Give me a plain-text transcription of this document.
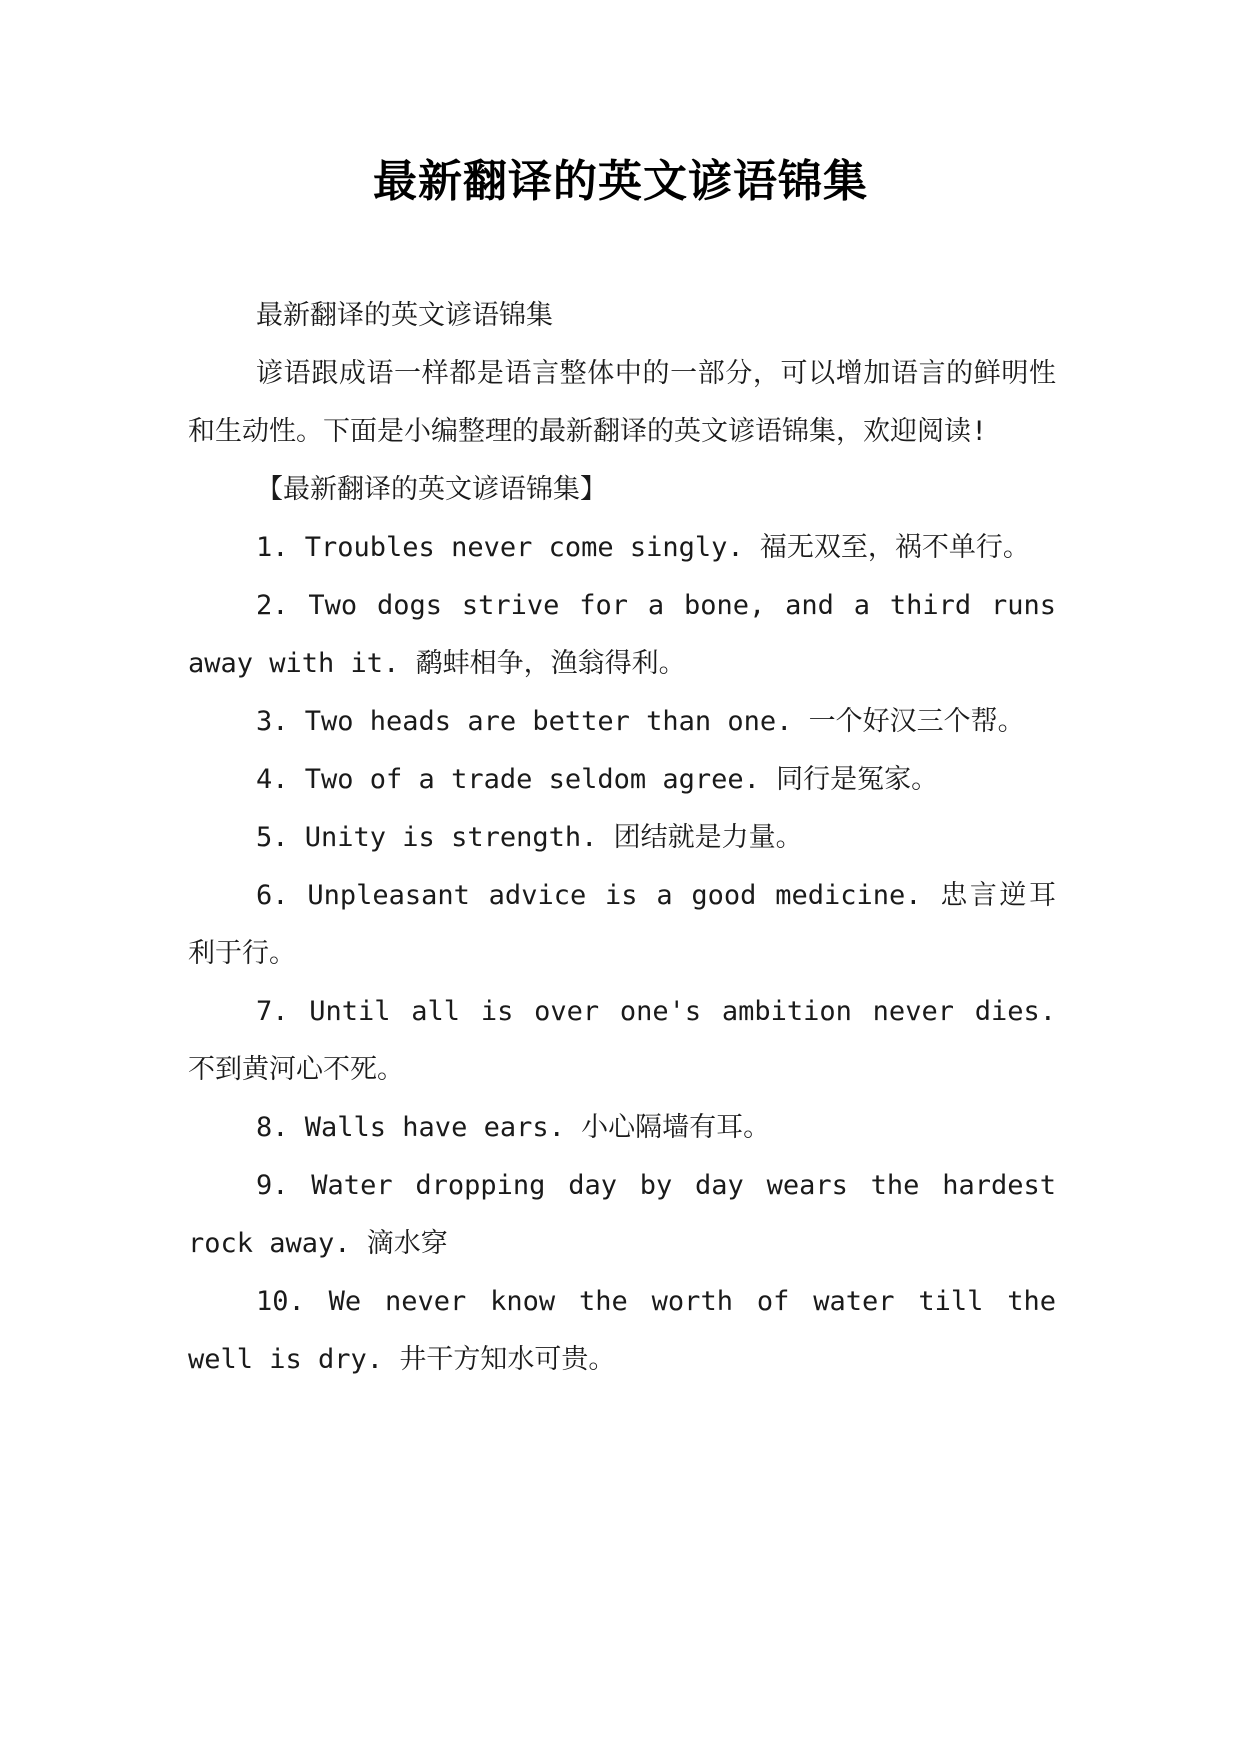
最新翻译的英文谚语锦集

最新翻译的英文谚语锦集

谚语跟成语一样都是语言整体中的一部分，可以增加语言的鲜明性和生动性。下面是小编整理的最新翻译的英文谚语锦集，欢迎阅读!

【最新翻译的英文谚语锦集】

1. Troubles never come singly. 福无双至，祸不单行。

2. Two dogs strive for a bone, and a third runs away with it. 鹬蚌相争，渔翁得利。

3. Two heads are better than one. 一个好汉三个帮。

4. Two of a trade seldom agree. 同行是冤家。

5. Unity is strength. 团结就是力量。

6. Unpleasant advice is a good medicine. 忠言逆耳利于行。

7. Until all is over one's ambition never dies. 不到黄河心不死。

8. Walls have ears. 小心隔墙有耳。

9. Water dropping day by day wears the hardest rock away. 滴水穿

10. We never know the worth of water till the well is dry. 井干方知水可贵。
